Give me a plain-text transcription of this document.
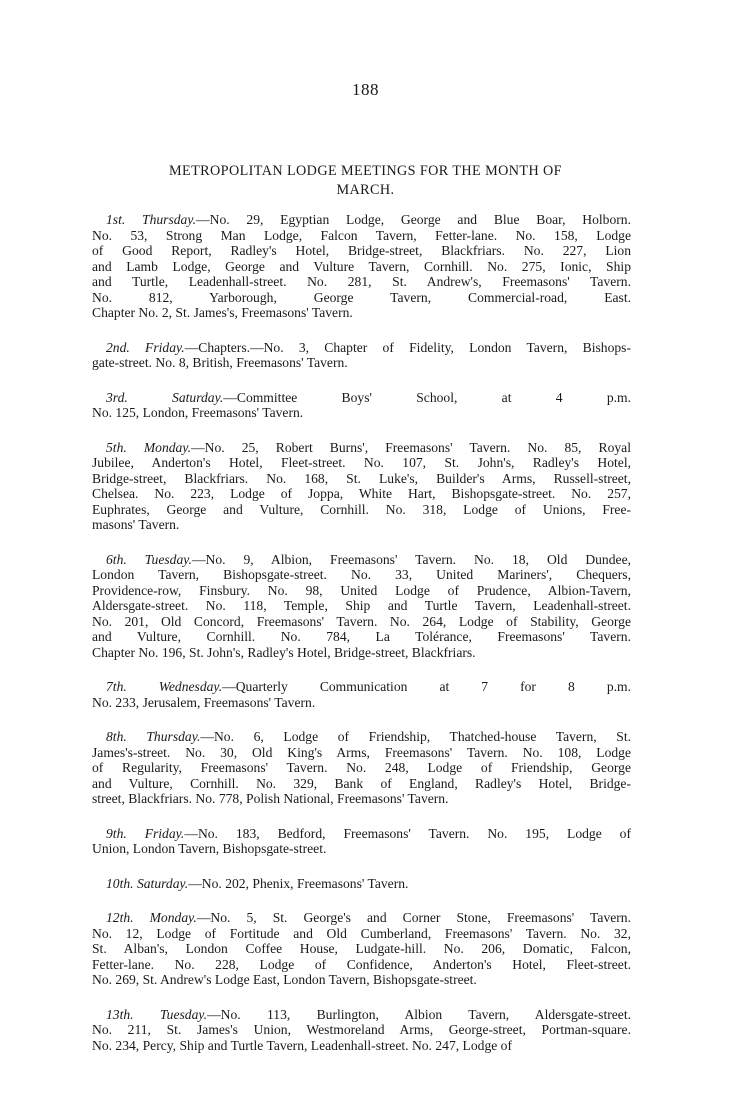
188
METROPOLITAN LODGE MEETINGS FOR THE MONTH OF
MARCH.
1st. Thursday.—No. 29, Egyptian Lodge, George and Blue Boar, Holborn.
No. 53, Strong Man Lodge, Falcon Tavern, Fetter-lane. No. 158, Lodge
of Good Report, Radley's Hotel, Bridge-street, Blackfriars. No. 227, Lion
and Lamb Lodge, George and Vulture Tavern, Cornhill. No. 275, Ionic, Ship
and Turtle, Leadenhall-street. No. 281, St. Andrew's, Freemasons' Tavern.
No. 812, Yarborough, George Tavern, Commercial-road, East.
Chapter No. 2, St. James's, Freemasons' Tavern.
2nd. Friday.—Chapters.—No. 3, Chapter of Fidelity, London Tavern, Bishops-
gate-street. No. 8, British, Freemasons' Tavern.
3rd. Saturday.—Committee Boys' School, at 4 p.m.
No. 125, London, Freemasons' Tavern.
5th. Monday.—No. 25, Robert Burns', Freemasons' Tavern. No. 85, Royal
Jubilee, Anderton's Hotel, Fleet-street. No. 107, St. John's, Radley's Hotel,
Bridge-street, Blackfriars. No. 168, St. Luke's, Builder's Arms, Russell-street,
Chelsea. No. 223, Lodge of Joppa, White Hart, Bishopsgate-street. No. 257,
Euphrates, George and Vulture, Cornhill. No. 318, Lodge of Unions, Free-
masons' Tavern.
6th. Tuesday.—No. 9, Albion, Freemasons' Tavern. No. 18, Old Dundee,
London Tavern, Bishopsgate-street. No. 33, United Mariners', Chequers,
Providence-row, Finsbury. No. 98, United Lodge of Prudence, Albion-Tavern,
Aldersgate-street. No. 118, Temple, Ship and Turtle Tavern, Leadenhall-street.
No. 201, Old Concord, Freemasons' Tavern. No. 264, Lodge of Stability, George
and Vulture, Cornhill. No. 784, La Tolérance, Freemasons' Tavern.
Chapter No. 196, St. John's, Radley's Hotel, Bridge-street, Blackfriars.
7th. Wednesday.—Quarterly Communication at 7 for 8 p.m.
No. 233, Jerusalem, Freemasons' Tavern.
8th. Thursday.—No. 6, Lodge of Friendship, Thatched-house Tavern, St.
James's-street. No. 30, Old King's Arms, Freemasons' Tavern. No. 108, Lodge
of Regularity, Freemasons' Tavern. No. 248, Lodge of Friendship, George
and Vulture, Cornhill. No. 329, Bank of England, Radley's Hotel, Bridge-
street, Blackfriars. No. 778, Polish National, Freemasons' Tavern.
9th. Friday.—No. 183, Bedford, Freemasons' Tavern. No. 195, Lodge of
Union, London Tavern, Bishopsgate-street.
10th. Saturday.—No. 202, Phenix, Freemasons' Tavern.
12th. Monday.—No. 5, St. George's and Corner Stone, Freemasons' Tavern.
No. 12, Lodge of Fortitude and Old Cumberland, Freemasons' Tavern. No. 32,
St. Alban's, London Coffee House, Ludgate-hill. No. 206, Domatic, Falcon,
Fetter-lane. No. 228, Lodge of Confidence, Anderton's Hotel, Fleet-street.
No. 269, St. Andrew's Lodge East, London Tavern, Bishopsgate-street.
13th. Tuesday.—No. 113, Burlington, Albion Tavern, Aldersgate-street.
No. 211, St. James's Union, Westmoreland Arms, George-street, Portman-square.
No. 234, Percy, Ship and Turtle Tavern, Leadenhall-street. No. 247, Lodge of
